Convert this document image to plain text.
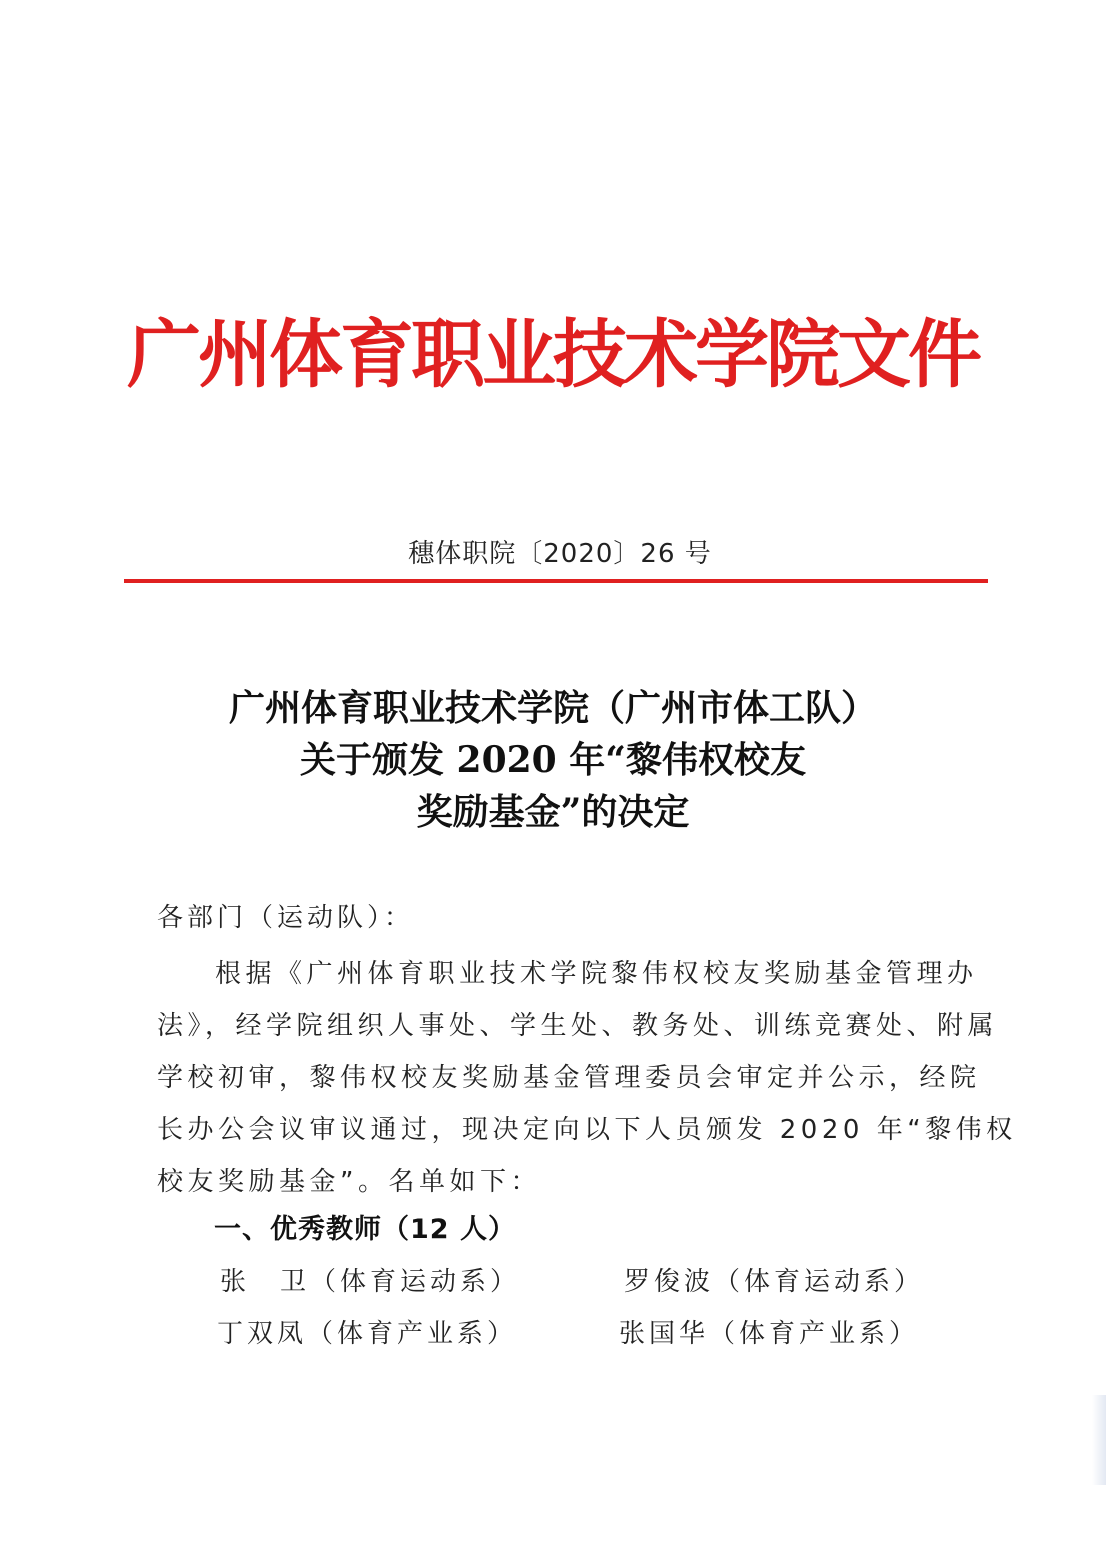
广州体育职业技术学院文件
穗体职院〔2020〕26 号
广州体育职业技术学院（广州市体工队）
关于颁发 2020 年“黎伟权校友
奖励基金”的决定
各部门（运动队）：
根据《广州体育职业技术学院黎伟权校友奖励基金管理办
法》，经学院组织人事处、学生处、教务处、训练竞赛处、附属
学校初审，黎伟权校友奖励基金管理委员会审定并公示，经院
长办公会议审议通过，现决定向以下人员颁发 2020 年“黎伟权
校友奖励基金”。名单如下：
一、优秀教师（12 人）
张　卫（体育运动系）	罗俊波（体育运动系）
丁双凤（体育产业系）	张国华（体育产业系）
